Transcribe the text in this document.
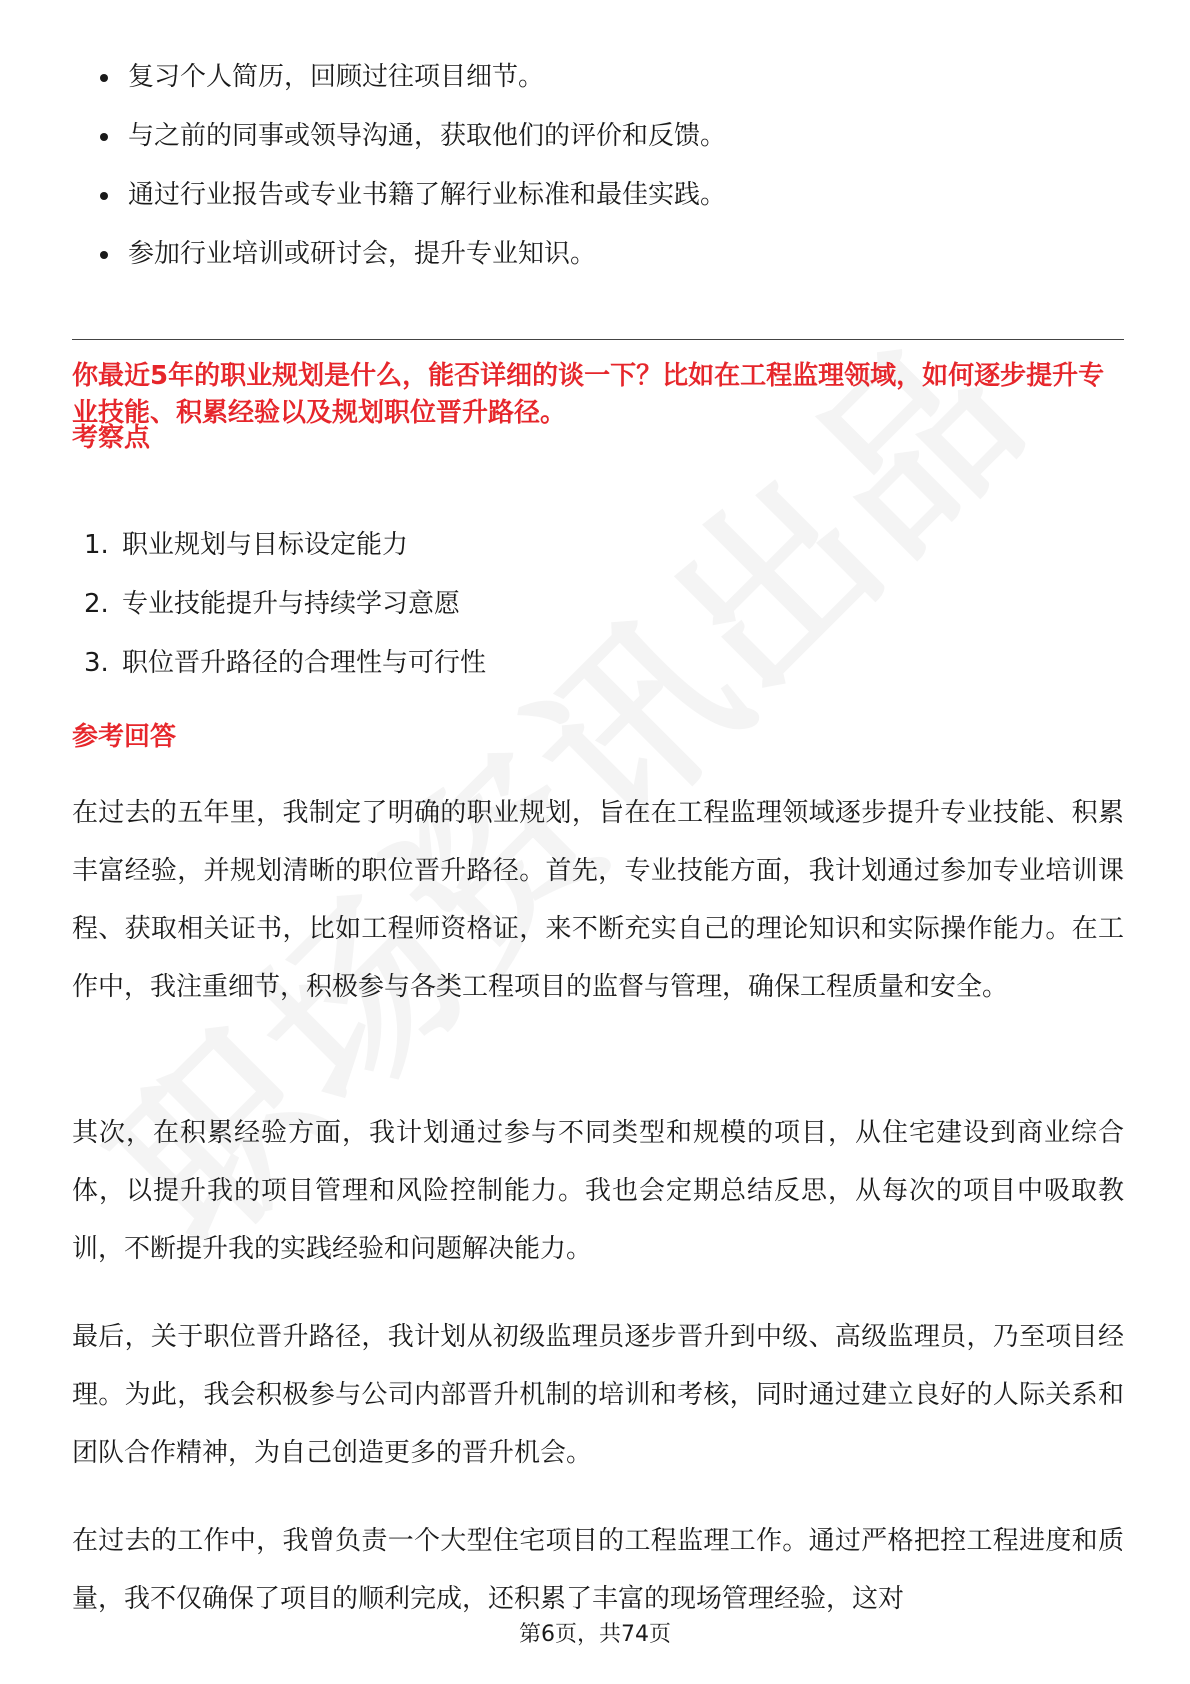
复习个人简历，回顾过往项目细节。
与之前的同事或领导沟通，获取他们的评价和反馈。
通过行业报告或专业书籍了解行业标准和最佳实践。
参加行业培训或研讨会，提升专业知识。
你最近5年的职业规划是什么，能否详细的谈一下？比如在工程监理领域，如何逐步提升专业技能、积累经验以及规划职位晋升路径。
考察点
1. 职业规划与目标设定能力
2. 专业技能提升与持续学习意愿
3. 职位晋升路径的合理性与可行性
参考回答

在过去的五年里，我制定了明确的职业规划，旨在在工程监理领域逐步提升专业技能、积累丰富经验，并规划清晰的职位晋升路径。首先，专业技能方面，我计划通过参加专业培训课程、获取相关证书，比如工程师资格证，来不断充实自己的理论知识和实际操作能力。在工作中，我注重细节，积极参与各类工程项目的监督与管理，确保工程质量和安全。

其次，在积累经验方面，我计划通过参与不同类型和规模的项目，从住宅建设到商业综合体，以提升我的项目管理和风险控制能力。我也会定期总结反思，从每次的项目中吸取教训，不断提升我的实践经验和问题解决能力。

最后，关于职位晋升路径，我计划从初级监理员逐步晋升到中级、高级监理员，乃至项目经理。为此，我会积极参与公司内部晋升机制的培训和考核，同时通过建立良好的人际关系和团队合作精神，为自己创造更多的晋升机会。

在过去的工作中，我曾负责一个大型住宅项目的工程监理工作。通过严格把控工程进度和质量，我不仅确保了项目的顺利完成，还积累了丰富的现场管理经验，这对

第6页，共74页
